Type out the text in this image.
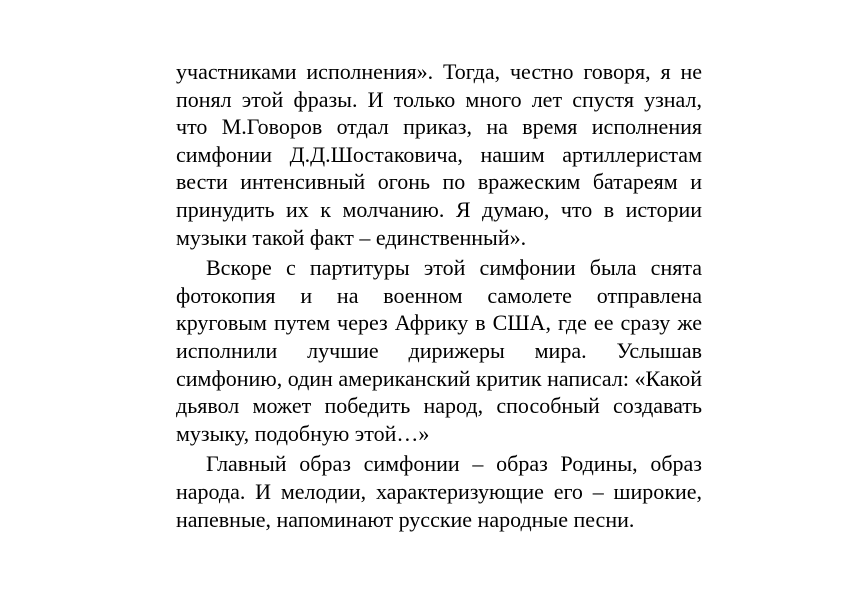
участниками исполнения». Тогда, честно говоря, я не
понял этой фразы. И только много лет спустя узнал,
что М.Говоров отдал приказ, на время исполнения
симфонии Д.Д.Шостаковича, нашим артиллеристам
вести интенсивный огонь по вражеским батареям и
принудить их к молчанию. Я думаю, что в истории
музыки такой факт – единственный».
Вскоре с партитуры этой симфонии была снята
фотокопия и на военном самолете отправлена
круговым путем через Африку в США, где ее сразу же
исполнили лучшие дирижеры мира. Услышав
симфонию, один американский критик написал: «Какой
дьявол может победить народ, способный создавать
музыку, подобную этой…»
Главный образ симфонии – образ Родины, образ
народа. И мелодии, характеризующие его – широкие,
напевные, напоминают русские народные песни.
